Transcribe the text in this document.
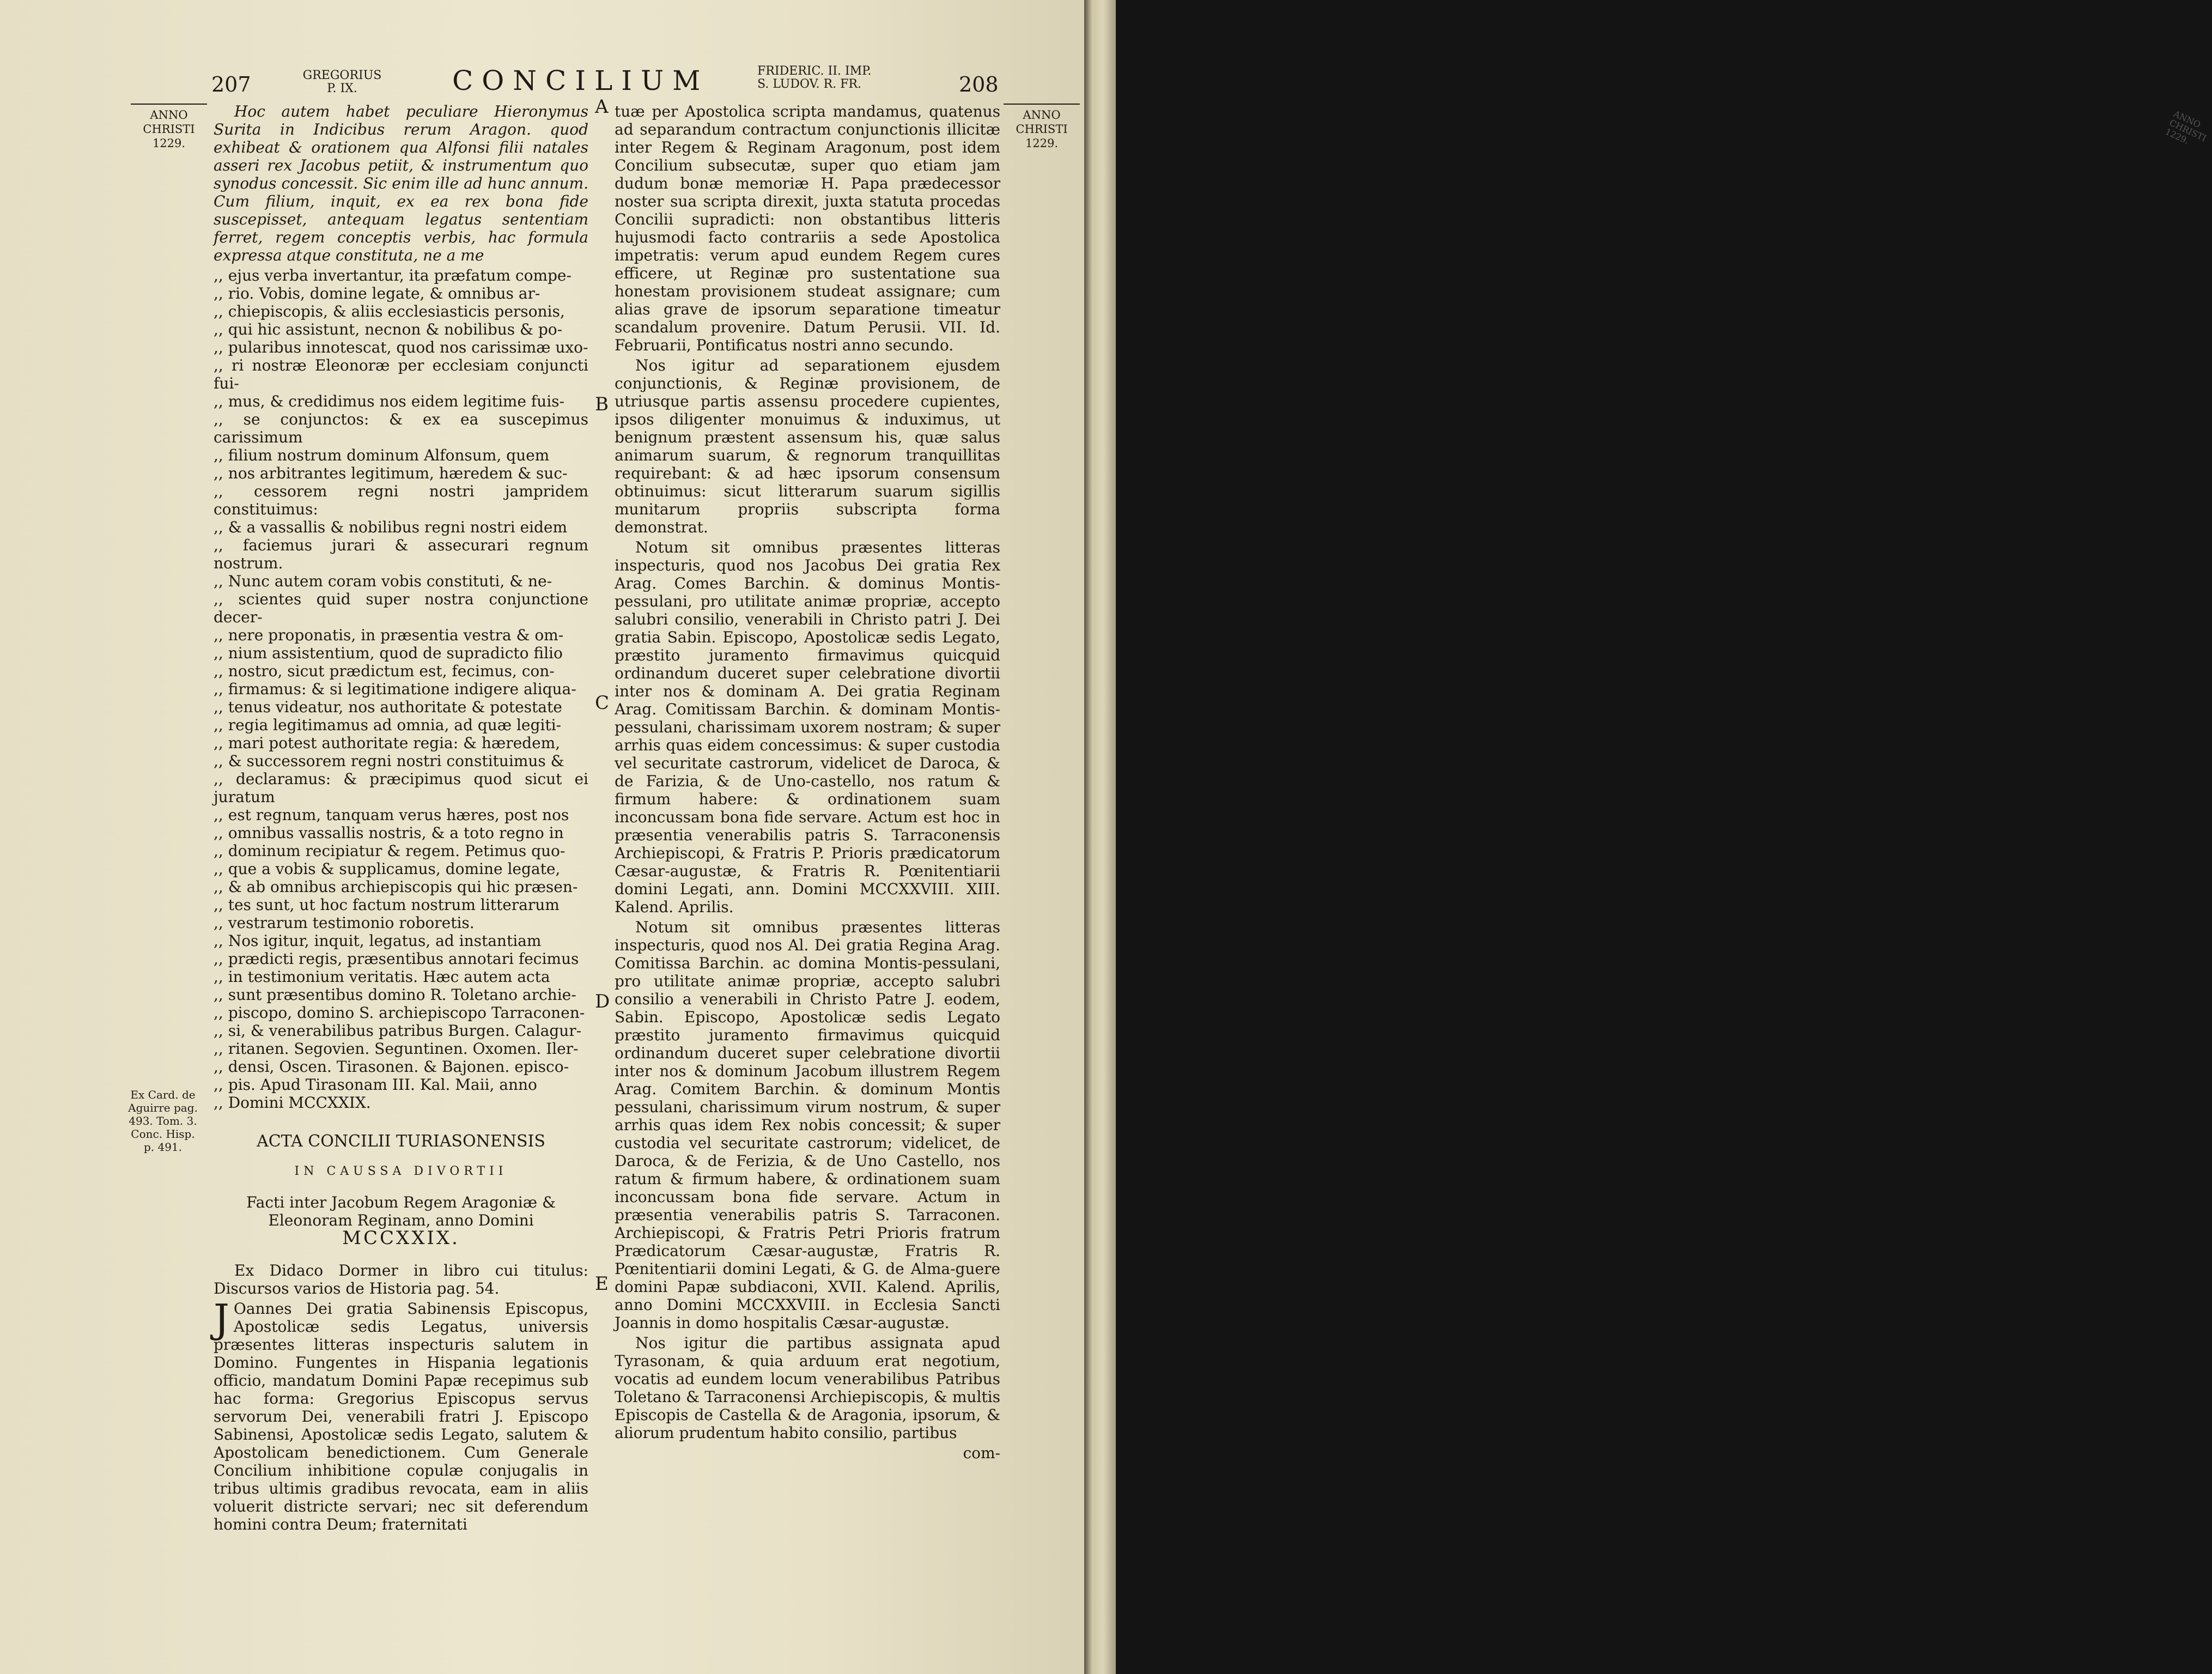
207	GREGORIUS
P. IX.	CONCILIUM	FRIDERIC. II. IMP.
S. LUDOV. R. FR.	208
ANNO
CHRISTI
1229.
ANNO
CHRISTI
1229.
Ex Card. de
Aguirre pag.
493. Tom. 3.
Conc. Hisp.
p. 491.
A
B
C
D
E

Hoc autem habet peculiare Hieronymus Surita in Indicibus rerum Aragon. quod exhibeat & orationem qua Alfonsi filii natales asseri rex Jacobus petiit, & instrumentum quo synodus concessit. Sic enim ille ad hunc annum. Cum filium, inquit, ex ea rex bona fide suscepisset, antequam legatus sententiam ferret, regem conceptis verbis, hac formula expressa atque constituta, ne a me

,, ejus verba invertantur, ita præfatum compe-
,, rio. Vobis, domine legate, & omnibus ar-
,, chiepiscopis, & aliis ecclesiasticis personis,
,, qui hic assistunt, necnon & nobilibus & po-
,, pularibus innotescat, quod nos carissimæ uxo-
,, ri nostræ Eleonoræ per ecclesiam conjuncti fui-
,, mus, & credidimus nos eidem legitime fuis-
,, se conjunctos: & ex ea suscepimus carissimum
,, filium nostrum dominum Alfonsum, quem
,, nos arbitrantes legitimum, hæredem & suc-
,, cessorem regni nostri jampridem constituimus:
,, & a vassallis & nobilibus regni nostri eidem
,, faciemus jurari & assecurari regnum nostrum.
,, Nunc autem coram vobis constituti, & ne-
,, scientes quid super nostra conjunctione decer-
,, nere proponatis, in præsentia vestra & om-
,, nium assistentium, quod de supradicto filio
,, nostro, sicut prædictum est, fecimus, con-
,, firmamus: & si legitimatione indigere aliqua-
,, tenus videatur, nos authoritate & potestate
,, regia legitimamus ad omnia, ad quæ legiti-
,, mari potest authoritate regia: & hæredem,
,, & successorem regni nostri constituimus &
,, declaramus: & præcipimus quod sicut ei juratum
,, est regnum, tanquam verus hæres, post nos
,, omnibus vassallis nostris, & a toto regno in
,, dominum recipiatur & regem. Petimus quo-
,, que a vobis & supplicamus, domine legate,
,, & ab omnibus archiepiscopis qui hic præsen-
,, tes sunt, ut hoc factum nostrum litterarum
,, vestrarum testimonio roboretis.
,, Nos igitur, inquit, legatus, ad instantiam
,, prædicti regis, præsentibus annotari fecimus
,, in testimonium veritatis. Hæc autem acta
,, sunt præsentibus domino R. Toletano archie-
,, piscopo, domino S. archiepiscopo Tarraconen-
,, si, & venerabilibus patribus Burgen. Calagur-
,, ritanen. Segovien. Seguntinen. Oxomen. Iler-
,, densi, Oscen. Tirasonen. & Bajonen. episco-
,, pis. Apud Tirasonam III. Kal. Maii, anno
,, Domini MCCXXIX.
ACTA CONCILII TURIASONENSIS
IN CAUSSA DIVORTII
Facti inter Jacobum Regem Aragoniæ & Eleonoram Reginam, anno Domini
MCCXXIX.

Ex Didaco Dormer in libro cui titulus: Discursos varios de Historia pag. 54.

J Oannes Dei gratia Sabinensis Episcopus, Apostolicæ sedis Legatus, universis præsentes litteras inspecturis salutem in Domino. Fungentes in Hispania legationis officio, mandatum Domini Papæ recepimus sub hac forma: Gregorius Episcopus servus servorum Dei, venerabili fratri J. Episcopo Sabinensi, Apostolicæ sedis Legato, salutem & Apostolicam benedictionem. Cum Generale Concilium inhibitione copulæ conjugalis in tribus ultimis gradibus revocata, eam in aliis voluerit districte servari; nec sit deferendum homini contra Deum; fraternitati

tuæ per Apostolica scripta mandamus, quatenus ad separandum contractum conjunctionis illicitæ inter Regem & Reginam Aragonum, post idem Concilium subsecutæ, super quo etiam jam dudum bonæ memoriæ H. Papa prædecessor noster sua scripta direxit, juxta statuta procedas Concilii supradicti: non obstantibus litteris hujusmodi facto contrariis a sede Apostolica impetratis: verum apud eundem Regem cures efficere, ut Reginæ pro sustentatione sua honestam provisionem studeat assignare; cum alias grave de ipsorum separatione timeatur scandalum provenire. Datum Perusii. VII. Id. Februarii, Pontificatus nostri anno secundo.

Nos igitur ad separationem ejusdem conjunctionis, & Reginæ provisionem, de utriusque partis assensu procedere cupientes, ipsos diligenter monuimus & induximus, ut benignum præstent assensum his, quæ salus animarum suarum, & regnorum tranquillitas requirebant: & ad hæc ipsorum consensum obtinuimus: sicut litterarum suarum sigillis munitarum propriis subscripta forma demonstrat.

Notum sit omnibus præsentes litteras inspecturis, quod nos Jacobus Dei gratia Rex Arag. Comes Barchin. & dominus Montis-pessulani, pro utilitate animæ propriæ, accepto salubri consilio, venerabili in Christo patri J. Dei gratia Sabin. Episcopo, Apostolicæ sedis Legato, præstito juramento firmavimus quicquid ordinandum duceret super celebratione divortii inter nos & dominam A. Dei gratia Reginam Arag. Comitissam Barchin. & dominam Montis-pessulani, charissimam uxorem nostram; & super arrhis quas eidem concessimus: & super custodia vel securitate castrorum, videlicet de Daroca, & de Farizia, & de Uno-castello, nos ratum & firmum habere: & ordinationem suam inconcussam bona fide servare. Actum est hoc in præsentia venerabilis patris S. Tarraconensis Archiepiscopi, & Fratris P. Prioris prædicatorum Cæsar-augustæ, & Fratris R. Pœnitentiarii domini Legati, ann. Domini MCCXXVIII. XIII. Kalend. Aprilis.

Notum sit omnibus præsentes litteras inspecturis, quod nos Al. Dei gratia Regina Arag. Comitissa Barchin. ac domina Montis-pessulani, pro utilitate animæ propriæ, accepto salubri consilio a venerabili in Christo Patre J. eodem, Sabin. Episcopo, Apostolicæ sedis Legato præstito juramento firmavimus quicquid ordinandum duceret super celebratione divortii inter nos & dominum Jacobum illustrem Regem Arag. Comitem Barchin. & dominum Montis pessulani, charissimum virum nostrum, & super arrhis quas idem Rex nobis concessit; & super custodia vel securitate castrorum; videlicet, de Daroca, & de Ferizia, & de Uno Castello, nos ratum & firmum habere, & ordinationem suam inconcussam bona fide servare. Actum in præsentia venerabilis patris S. Tarraconen. Archiepiscopi, & Fratris Petri Prioris fratrum Prædicatorum Cæsar-augustæ, Fratris R. Pœnitentiarii domini Legati, & G. de Alma-guere domini Papæ subdiaconi, XVII. Kalend. Aprilis, anno Domini MCCXXVIII. in Ecclesia Sancti Joannis in domo hospitalis Cæsar-augustæ.

Nos igitur die partibus assignata apud Tyrasonam, & quia arduum erat negotium, vocatis ad eundem locum venerabilibus Patribus Toletano & Tarraconensi Archiepiscopis, & multis Episcopis de Castella & de Aragonia, ipsorum, & aliorum prudentum habito consilio, partibus

com-
ANNO CHRISTI 1229.
